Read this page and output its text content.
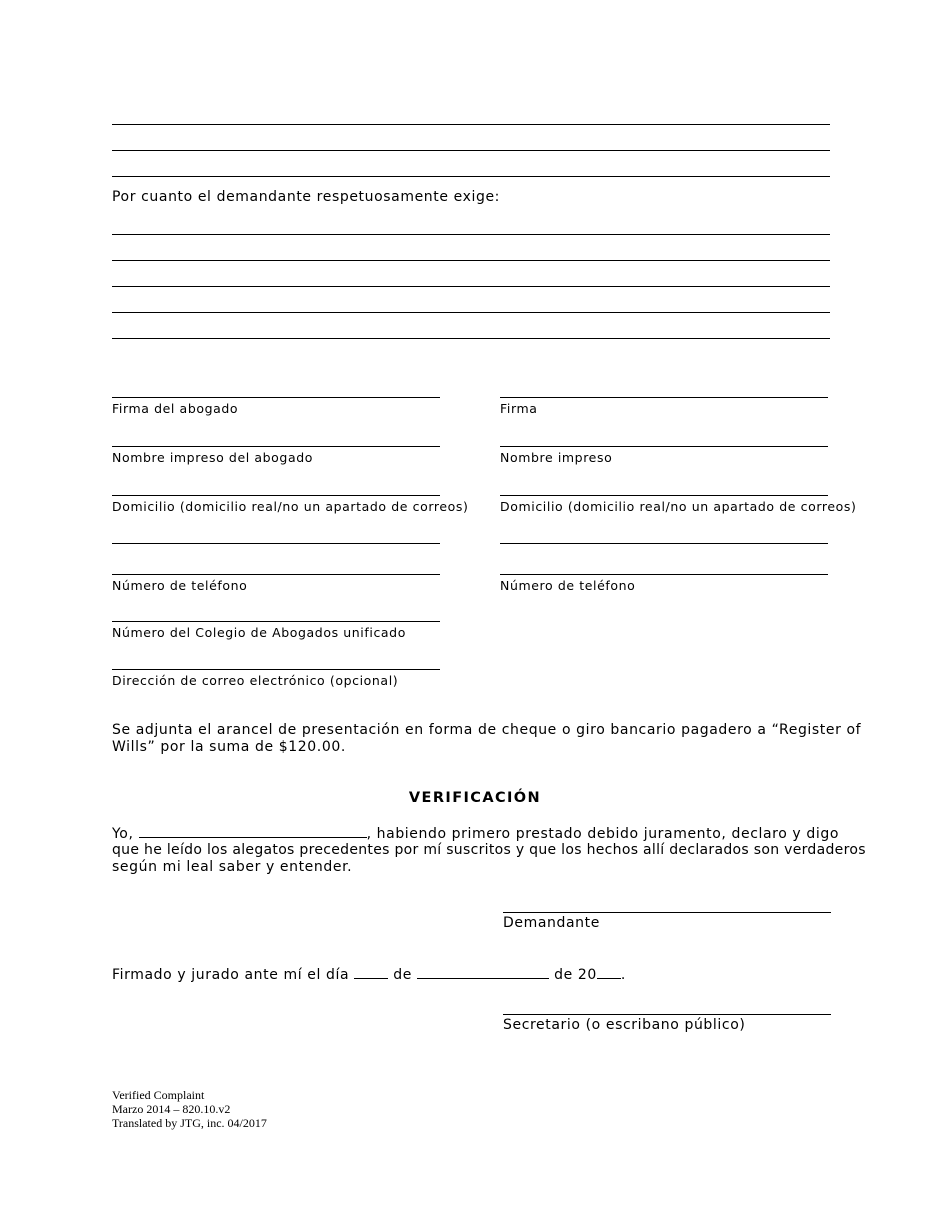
Por cuanto el demandante respetuosamente exige:
Firma del abogado
Nombre impreso del abogado
Domicilio (domicilio real/no un apartado de correos)
Número de teléfono
Número del Colegio de Abogados unificado
Dirección de correo electrónico (opcional)
Firma
Nombre impreso
Domicilio (domicilio real/no un apartado de correos)
Número de teléfono
Se adjunta el arancel de presentación en forma de cheque o giro bancario pagadero a “Register of
Wills” por la suma de $120.00.
VERIFICACIÓN
Yo,	, habiendo primero prestado debido juramento, declaro y digo
que he leído los alegatos precedentes por mí suscritos y que los hechos allí declarados son verdaderos
según mi leal saber y entender.
Demandante
Firmado y jurado ante mí el día  de	de 20 .
Secretario (o escribano público)
Verified Complaint
Marzo 2014 – 820.10.v2
Translated by JTG, inc. 04/2017
